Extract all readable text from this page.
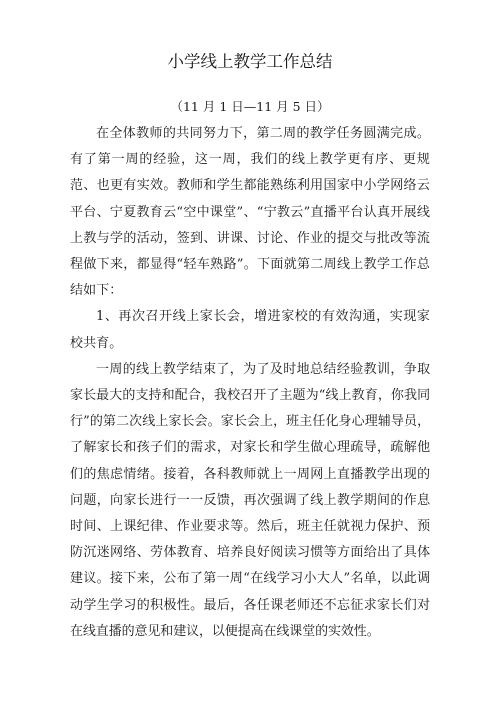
小学线上教学工作总结
（11 月 1 日—11 月 5 日）

在全体教师的共同努力下，第二周的教学任务圆满完成。有了第一周的经验，这一周，我们的线上教学更有序、更规范、也更有实效。教师和学生都能熟练利用国家中小学网络云平台、宁夏教育云“空中课堂”、“宁教云”直播平台认真开展线上教与学的活动，签到、讲课、讨论、作业的提交与批改等流程做下来，都显得“轻车熟路”。下面就第二周线上教学工作总结如下：

1、再次召开线上家长会，增进家校的有效沟通，实现家校共育。

一周的线上教学结束了，为了及时地总结经验教训，争取家长最大的支持和配合，我校召开了主题为“线上教育，你我同行”的第二次线上家长会。家长会上，班主任化身心理辅导员，了解家长和孩子们的需求，对家长和学生做心理疏导，疏解他们的焦虑情绪。接着，各科教师就上一周网上直播教学出现的问题，向家长进行一一反馈，再次强调了线上教学期间的作息时间、上课纪律、作业要求等。然后，班主任就视力保护、预防沉迷网络、劳体教育、培养良好阅读习惯等方面给出了具体建议。接下来，公布了第一周“在线学习小大人”名单，以此调动学生学习的积极性。最后，各任课老师还不忘征求家长们对在线直播的意见和建议，以便提高在线课堂的实效性。
